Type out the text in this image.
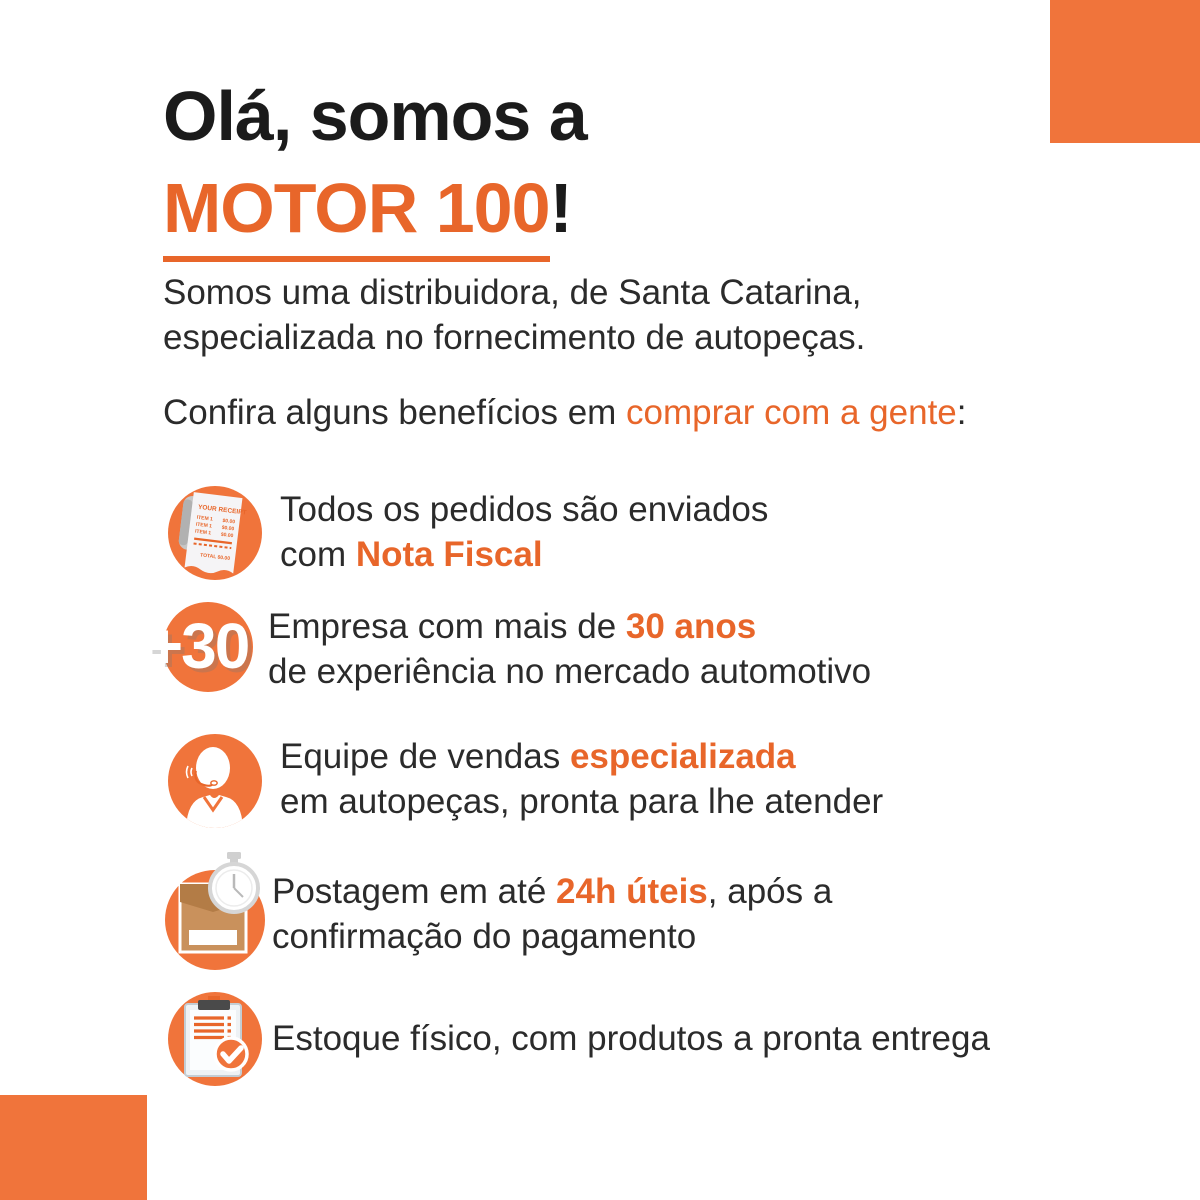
Olá, somos a
MOTOR 100!

Somos uma distribuidora, de Santa Catarina,
especializada no fornecimento de autopeças.

Confira alguns benefícios em comprar com a gente:

YOUR RECEIPT
ITEM 1 $0.00
ITEM 1 $0.00
ITEM 1 $0.00
TOTAL $0.00
Todos os pedidos são enviados
com Nota Fiscal
+30 Empresa com mais de 30 anos
de experiência no mercado automotivo
Equipe de vendas especializada
em autopeças, pronta para lhe atender
Postagem em até 24h úteis, após a
confirmação do pagamento
Estoque físico, com produtos a pronta entrega
